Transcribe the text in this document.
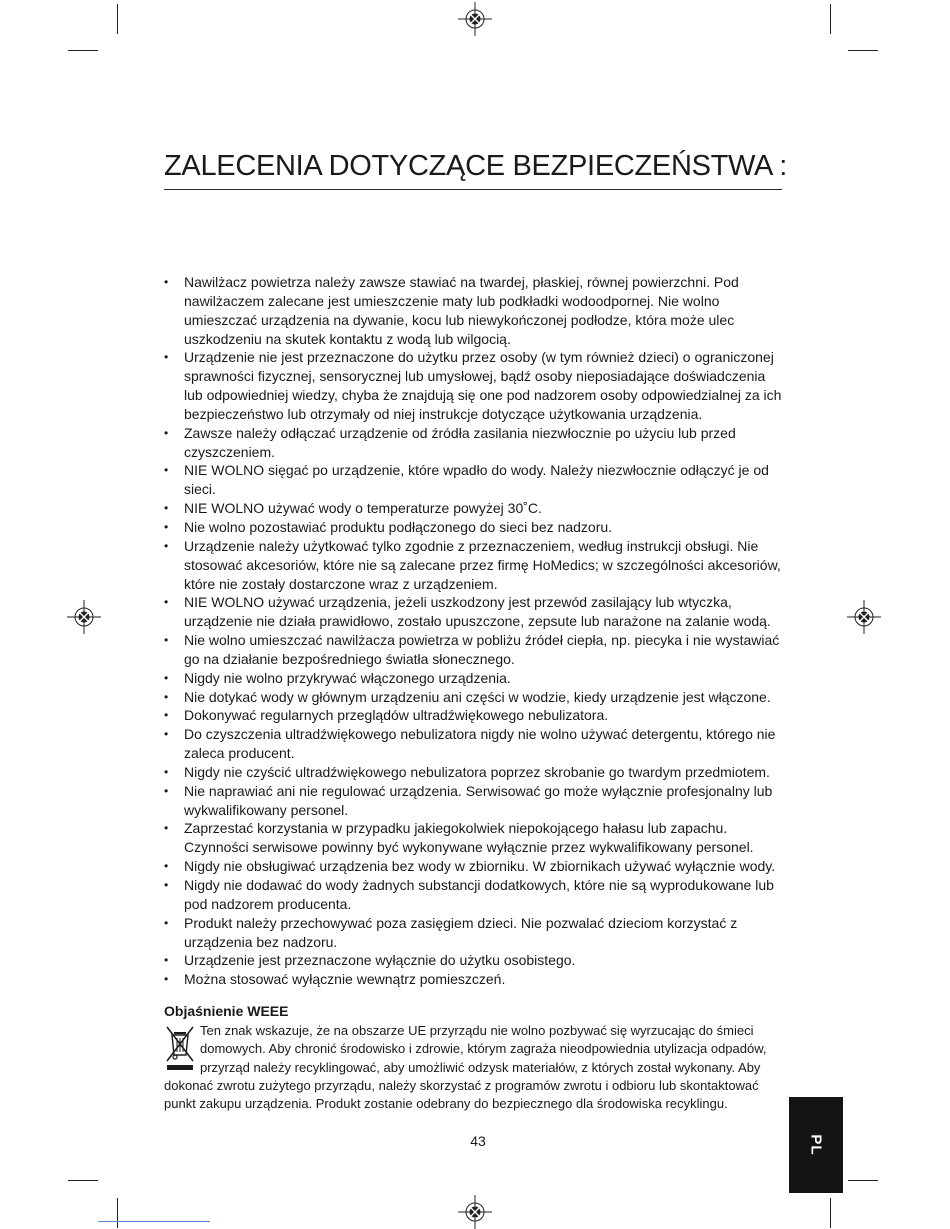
ZALECENIA DOTYCZĄCE BEZPIECZEŃSTWA :
• Nawilżacz powietrza należy zawsze stawiać na twardej, płaskiej, równej powierzchni. Pod nawilżaczem zalecane jest umieszczenie maty lub podkładki wodoodpornej. Nie wolno umieszczać urządzenia na dywanie, kocu lub niewykończonej podłodze, która może ulec uszkodzeniu na skutek kontaktu z wodą lub wilgocią.
• Urządzenie nie jest przeznaczone do użytku przez osoby (w tym również dzieci) o ograniczonej sprawności fizycznej, sensorycznej lub umysłowej, bądź osoby nieposiadające doświadczenia lub odpowiedniej wiedzy, chyba że znajdują się one pod nadzorem osoby odpowiedzialnej za ich bezpieczeństwo lub otrzymały od niej instrukcje dotyczące użytkowania urządzenia.
• Zawsze należy odłączać urządzenie od źródła zasilania niezwłocznie po użyciu lub przed czyszczeniem.
• NIE WOLNO sięgać po urządzenie, które wpadło do wody. Należy niezwłocznie odłączyć je od sieci.
• NIE WOLNO używać wody o temperaturze powyżej 30˚C.
• Nie wolno pozostawiać produktu podłączonego do sieci bez nadzoru.
• Urządzenie należy użytkować tylko zgodnie z przeznaczeniem, według instrukcji obsługi. Nie stosować akcesoriów, które nie są zalecane przez firmę HoMedics; w szczególności akcesoriów, które nie zostały dostarczone wraz z urządzeniem.
• NIE WOLNO używać urządzenia, jeżeli uszkodzony jest przewód zasilający lub wtyczka, urządzenie nie działa prawidłowo, zostało upuszczone, zepsute lub narażone na zalanie wodą.
• Nie wolno umieszczać nawilżacza powietrza w pobliżu źródeł ciepła, np. piecyka i nie wystawiać go na działanie bezpośredniego światła słonecznego.
• Nigdy nie wolno przykrywać włączonego urządzenia.
• Nie dotykać wody w głównym urządzeniu ani części w wodzie, kiedy urządzenie jest włączone.
• Dokonywać regularnych przeglądów ultradźwiękowego nebulizatora.
• Do czyszczenia ultradźwiękowego nebulizatora nigdy nie wolno używać detergentu, którego nie zaleca producent.
• Nigdy nie czyścić ultradźwiękowego nebulizatora poprzez skrobanie go twardym przedmiotem.
• Nie naprawiać ani nie regulować urządzenia. Serwisować go może wyłącznie profesjonalny lub wykwalifikowany personel.
• Zaprzestać korzystania w przypadku jakiegokolwiek niepokojącego hałasu lub zapachu. Czynności serwisowe powinny być wykonywane wyłącznie przez wykwalifikowany personel.
• Nigdy nie obsługiwać urządzenia bez wody w zbiorniku. W zbiornikach używać wyłącznie wody.
• Nigdy nie dodawać do wody żadnych substancji dodatkowych, które nie są wyprodukowane lub pod nadzorem producenta.
• Produkt należy przechowywać poza zasięgiem dzieci. Nie pozwalać dzieciom korzystać z urządzenia bez nadzoru.
• Urządzenie jest przeznaczone wyłącznie do użytku osobistego.
• Można stosować wyłącznie wewnątrz pomieszczeń.
Objaśnienie WEEE
Ten znak wskazuje, że na obszarze UE przyrządu nie wolno pozbywać się wyrzucając do śmieci domowych. Aby chronić środowisko i zdrowie, którym zagraża nieodpowiednia utylizacja odpadów, przyrząd należy recyklingować, aby umożliwić odzysk materiałów, z których został wykonany. Aby dokonać zwrotu zużytego przyrządu, należy skorzystać z programów zwrotu i odbioru lub skontaktować punkt zakupu urządzenia. Produkt zostanie odebrany do bezpiecznego dla środowiska recyklingu.
43	PL
